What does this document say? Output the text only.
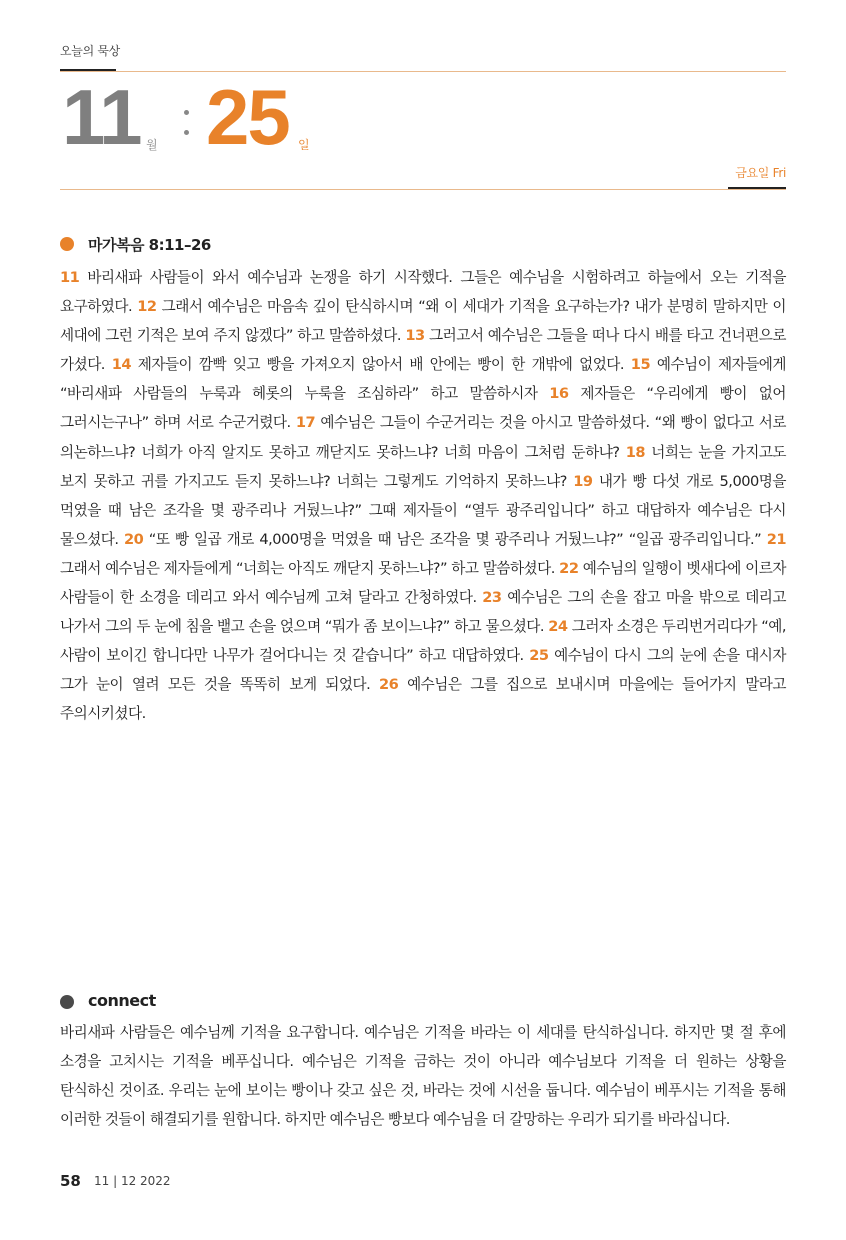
오늘의 묵상
11 월 25 일
금요일 Fri
마가복음 8:11–26
11 바리새파 사람들이 와서 예수님과 논쟁을 하기 시작했다. 그들은 예수님을 시험하려고 하늘에서 오는 기적을 요구하였다. 12 그래서 예수님은 마음속 깊이 탄식하시며 “왜 이 세대가 기적을 요구하는가? 내가 분명히 말하지만 이 세대에 그런 기적은 보여 주지 않겠다” 하고 말씀하셨다. 13 그러고서 예수님은 그들을 떠나 다시 배를 타고 건너편으로 가셨다. 14 제자들이 깜빡 잊고 빵을 가져오지 않아서 배 안에는 빵이 한 개밖에 없었다. 15 예수님이 제자들에게 “바리새파 사람들의 누룩과 헤롯의 누룩을 조심하라” 하고 말씀하시자 16 제자들은 “우리에게 빵이 없어 그러시는구나” 하며 서로 수군거렸다. 17 예수님은 그들이 수군거리는 것을 아시고 말씀하셨다. “왜 빵이 없다고 서로 의논하느냐? 너희가 아직 알지도 못하고 깨닫지도 못하느냐? 너희 마음이 그처럼 둔하냐? 18 너희는 눈을 가지고도 보지 못하고 귀를 가지고도 듣지 못하느냐? 너희는 그렇게도 기억하지 못하느냐? 19 내가 빵 다섯 개로 5,000명을 먹였을 때 남은 조각을 몇 광주리나 거뒀느냐?” 그때 제자들이 “열두 광주리입니다” 하고 대답하자 예수님은 다시 물으셨다. 20 “또 빵 일곱 개로 4,000명을 먹였을 때 남은 조각을 몇 광주리나 거뒀느냐?” “일곱 광주리입니다.” 21 그래서 예수님은 제자들에게 “너희는 아직도 깨닫지 못하느냐?” 하고 말씀하셨다. 22 예수님의 일행이 벳새다에 이르자 사람들이 한 소경을 데리고 와서 예수님께 고쳐 달라고 간청하였다. 23 예수님은 그의 손을 잡고 마을 밖으로 데리고 나가서 그의 두 눈에 침을 뱉고 손을 얹으며 “뭐가 좀 보이느냐?” 하고 물으셨다. 24 그러자 소경은 두리번거리다가 “예, 사람이 보이긴 합니다만 나무가 걸어다니는 것 같습니다” 하고 대답하였다. 25 예수님이 다시 그의 눈에 손을 대시자 그가 눈이 열려 모든 것을 똑똑히 보게 되었다. 26 예수님은 그를 집으로 보내시며 마을에는 들어가지 말라고 주의시키셨다.
connect
바리새파 사람들은 예수님께 기적을 요구합니다. 예수님은 기적을 바라는 이 세대를 탄식하십니다. 하지만 몇 절 후에 소경을 고치시는 기적을 베푸십니다. 예수님은 기적을 금하는 것이 아니라 예수님보다 기적을 더 원하는 상황을 탄식하신 것이죠. 우리는 눈에 보이는 빵이나 갖고 싶은 것, 바라는 것에 시선을 둡니다. 예수님이 베푸시는 기적을 통해 이러한 것들이 해결되기를 원합니다. 하지만 예수님은 빵보다 예수님을 더 갈망하는 우리가 되기를 바라십니다.
58 11 | 12 2022
